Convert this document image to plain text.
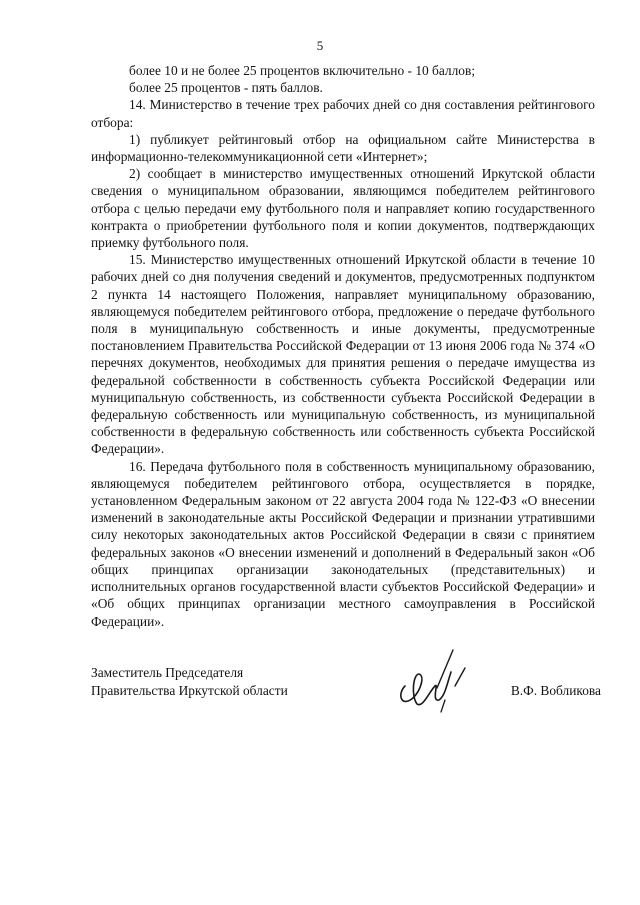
5

более 10 и не более 25 процентов включительно - 10 баллов;

более 25 процентов - пять баллов.

14. Министерство в течение трех рабочих дней со дня составления рейтингового отбора:

1) публикует рейтинговый отбор на официальном сайте Министерства в информационно-телекоммуникационной сети «Интернет»;

2) сообщает в министерство имущественных отношений Иркутской области сведения о муниципальном образовании, являющимся победителем рейтингового отбора с целью передачи ему футбольного поля и направляет копию государственного контракта о приобретении футбольного поля и копии документов, подтверждающих приемку футбольного поля.

15. Министерство имущественных отношений Иркутской области в течение 10 рабочих дней со дня получения сведений и документов, предусмотренных подпунктом 2 пункта 14 настоящего Положения, направляет муниципальному образованию, являющемуся победителем рейтингового отбора, предложение о передаче футбольного поля в муниципальную собственность и иные документы, предусмотренные постановлением Правительства Российской Федерации от 13 июня 2006 года № 374 «О перечнях документов, необходимых для принятия решения о передаче имущества из федеральной собственности в собственность субъекта Российской Федерации или муниципальную собственность, из собственности субъекта Российской Федерации в федеральную собственность или муниципальную собственность, из муниципальной собственности в федеральную собственность или собственность субъекта Российской Федерации».

16. Передача футбольного поля в собственность муниципальному образованию, являющемуся победителем рейтингового отбора, осуществляется в порядке, установленном Федеральным законом от 22 августа 2004 года № 122-ФЗ «О внесении изменений в законодательные акты Российской Федерации и признании утратившими силу некоторых законодательных актов Российской Федерации в связи с принятием федеральных законов «О внесении изменений и дополнений в Федеральный закон «Об общих принципах организации законодательных (представительных) и исполнительных органов государственной власти субъектов Российской Федерации» и «Об общих принципах организации местного самоуправления в Российской Федерации».

Заместитель Председателя
Правительства Иркутской области	В.Ф. Вобликова
